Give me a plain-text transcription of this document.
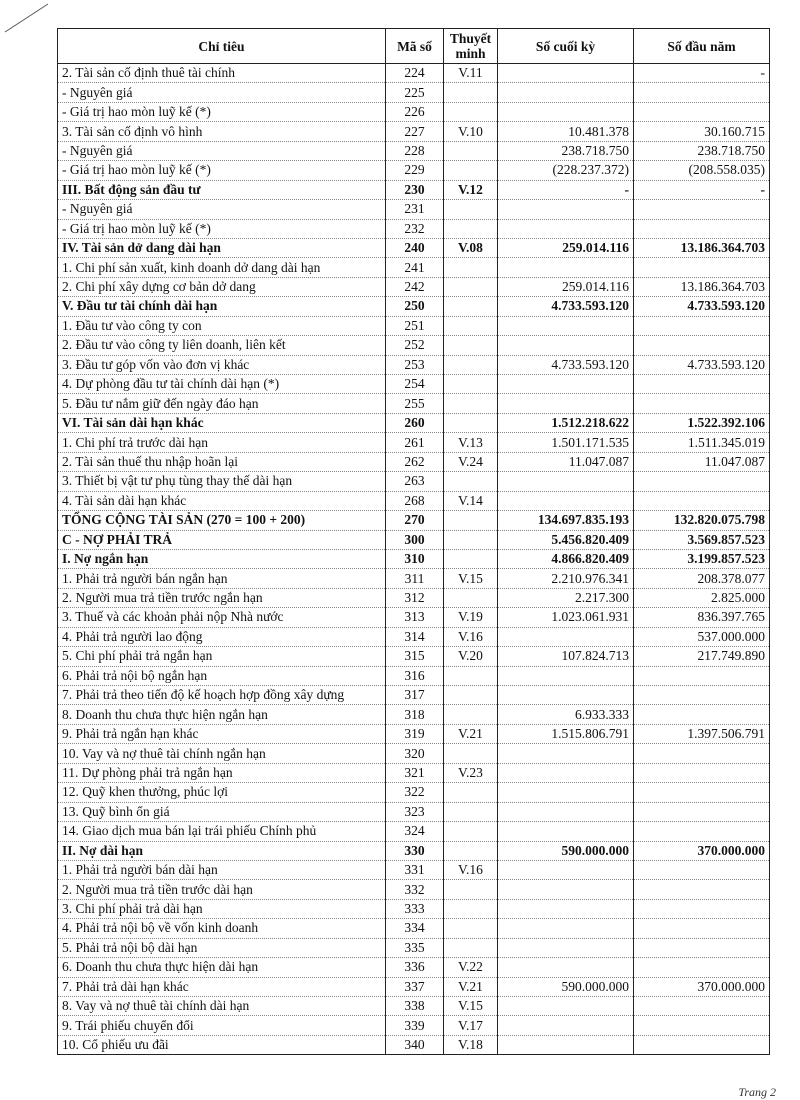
Chỉ tiêu	Mã số	Thuyết minh	Số cuối kỳ	Số đầu năm
2. Tài sản cố định thuê tài chính	224	V.11		-
- Nguyên giá	225			
- Giá trị hao mòn luỹ kế (*)	226			
3. Tài sản cố định vô hình	227	V.10	10.481.378	30.160.715
- Nguyên giá	228		238.718.750	238.718.750
- Giá trị hao mòn luỹ kế (*)	229		(228.237.372)	(208.558.035)
III. Bất động sản đầu tư	230	V.12	-	-
- Nguyên giá	231			
- Giá trị hao mòn luỹ kế (*)	232			
IV. Tài sản dở dang dài hạn	240	V.08	259.014.116	13.186.364.703
1. Chi phí sản xuất, kinh doanh dở dang dài hạn	241			
2. Chi phí xây dựng cơ bản dở dang	242		259.014.116	13.186.364.703
V. Đầu tư tài chính dài hạn	250		4.733.593.120	4.733.593.120
1. Đầu tư vào công ty con	251			
2. Đầu tư vào công ty liên doanh, liên kết	252			
3. Đầu tư góp vốn vào đơn vị khác	253		4.733.593.120	4.733.593.120
4. Dự phòng đầu tư tài chính dài hạn (*)	254			
5. Đầu tư nắm giữ đến ngày đáo hạn	255			
VI. Tài sản dài hạn khác	260		1.512.218.622	1.522.392.106
1. Chi phí trả trước dài hạn	261	V.13	1.501.171.535	1.511.345.019
2. Tài sản thuế thu nhập hoãn lại	262	V.24	11.047.087	11.047.087
3. Thiết bị vật tư phụ tùng thay thế dài hạn	263			
4. Tài sản dài hạn khác	268	V.14		
TỔNG CỘNG TÀI SẢN (270 = 100 + 200)	270		134.697.835.193	132.820.075.798
C - NỢ PHẢI TRẢ	300		5.456.820.409	3.569.857.523
I. Nợ ngắn hạn	310		4.866.820.409	3.199.857.523
1. Phải trả người bán ngắn hạn	311	V.15	2.210.976.341	208.378.077
2. Người mua trả tiền trước ngắn hạn	312		2.217.300	2.825.000
3. Thuế và các khoản phải nộp Nhà nước	313	V.19	1.023.061.931	836.397.765
4. Phải trả người lao động	314	V.16		537.000.000
5. Chi phí phải trả ngắn hạn	315	V.20	107.824.713	217.749.890
6. Phải trả nội bộ ngắn hạn	316			
7. Phải trả theo tiến độ kế hoạch hợp đồng xây dựng	317			
8. Doanh thu chưa thực hiện ngắn hạn	318		6.933.333	
9. Phải trả ngắn hạn khác	319	V.21	1.515.806.791	1.397.506.791
10. Vay và nợ thuê tài chính ngắn hạn	320			
11. Dự phòng phải trả ngắn hạn	321	V.23		
12. Quỹ khen thưởng, phúc lợi	322			
13. Quỹ bình ổn giá	323			
14. Giao dịch mua bán lại trái phiếu Chính phủ	324			
II. Nợ dài hạn	330		590.000.000	370.000.000
1. Phải trả người bán dài hạn	331	V.16		
2. Người mua trả tiền trước dài hạn	332			
3. Chi phí phải trả dài hạn	333			
4. Phải trả nội bộ về vốn kinh doanh	334			
5. Phải trả nội bộ dài hạn	335			
6. Doanh thu chưa thực hiện dài hạn	336	V.22		
7. Phải trả dài hạn khác	337	V.21	590.000.000	370.000.000
8. Vay và nợ thuê tài chính dài hạn	338	V.15		
9. Trái phiếu chuyển đổi	339	V.17		
10. Cổ phiếu ưu đãi	340	V.18		
Trang 2
